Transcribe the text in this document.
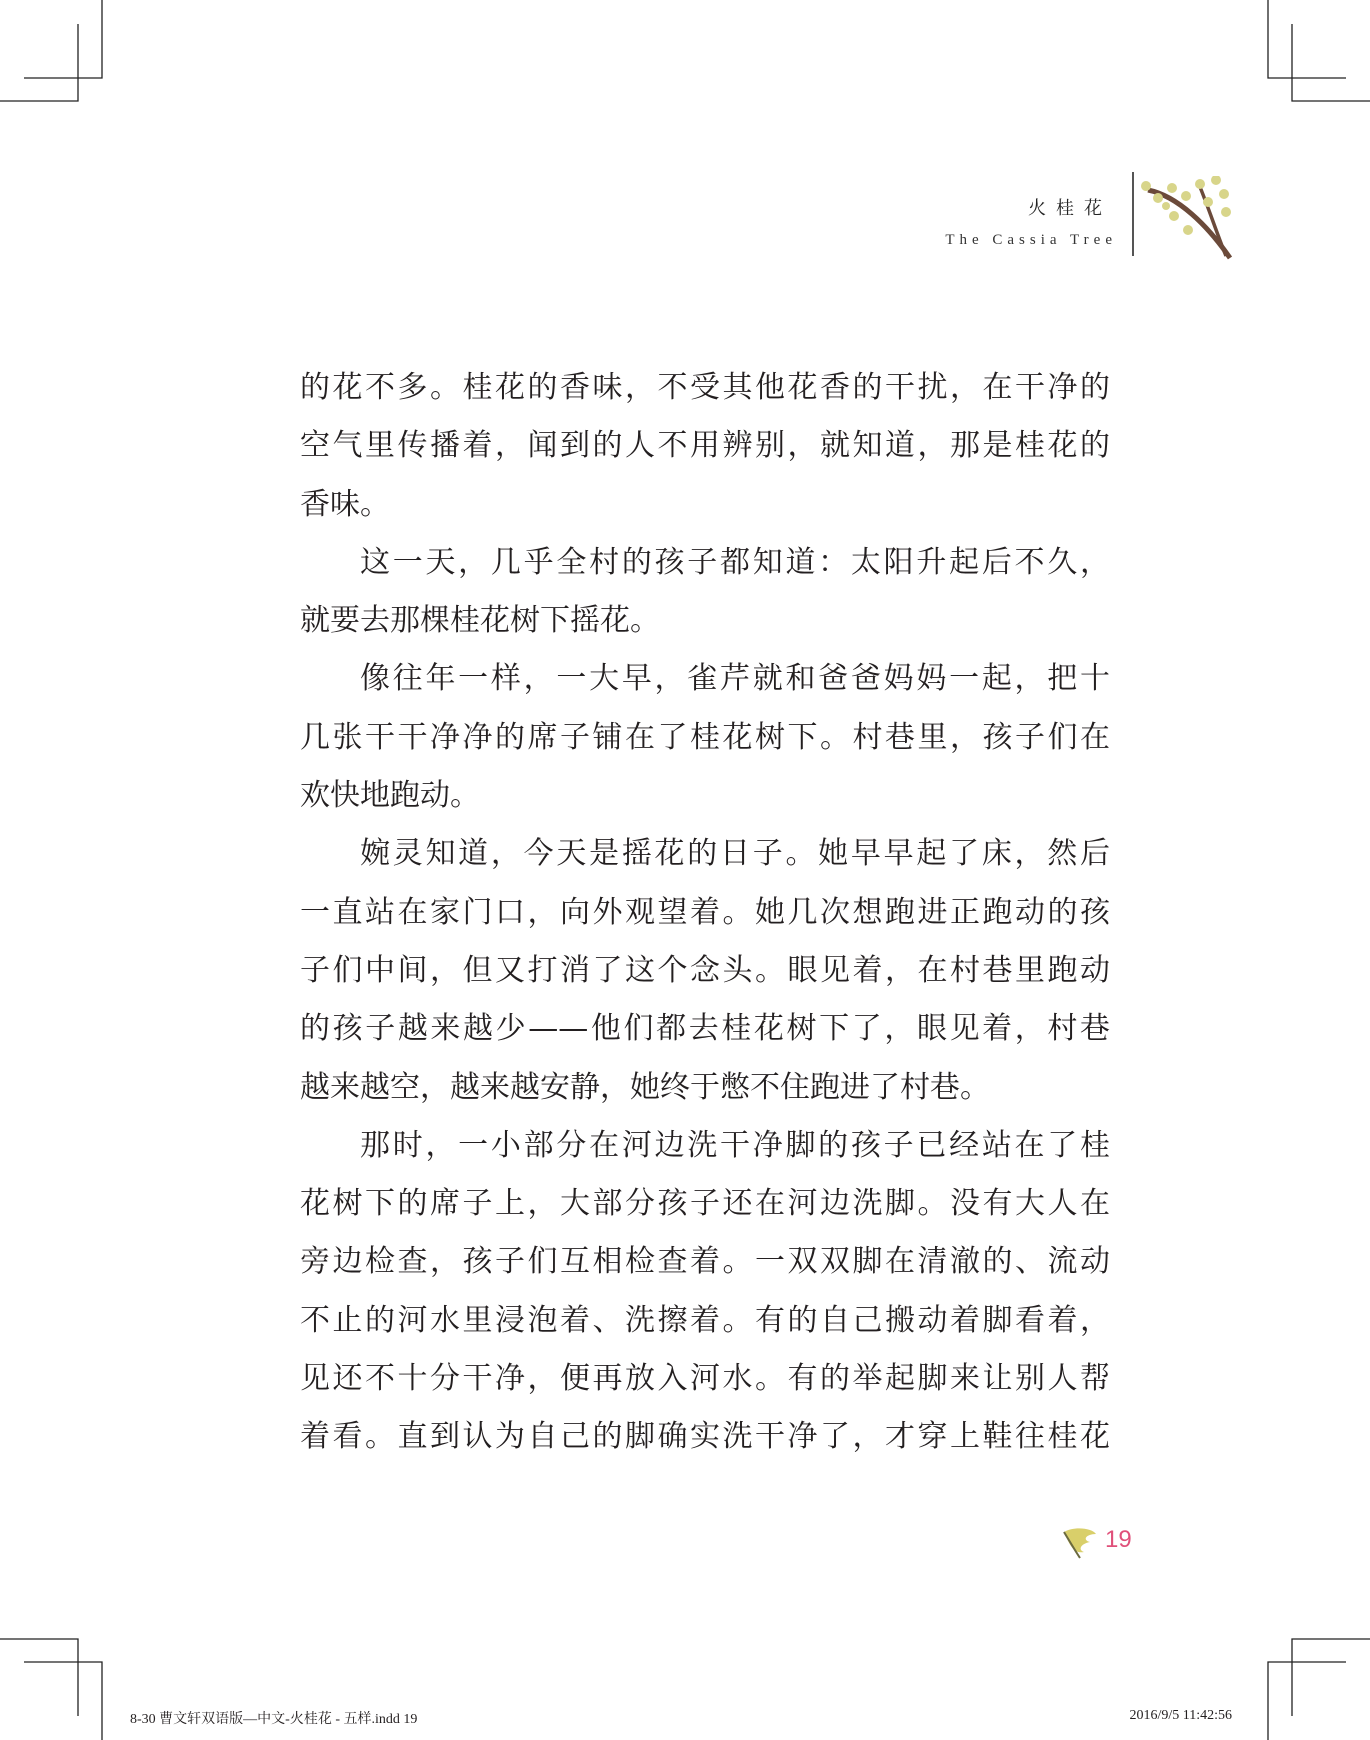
火桂花
The Cassia Tree
的花不多。桂花的香味，不受其他花香的干扰，在干净的
空气里传播着，闻到的人不用辨别，就知道，那是桂花的
香味。
这一天，几乎全村的孩子都知道：太阳升起后不久，
就要去那棵桂花树下摇花。
像往年一样，一大早，雀芹就和爸爸妈妈一起，把十
几张干干净净的席子铺在了桂花树下。村巷里，孩子们在
欢快地跑动。
婉灵知道，今天是摇花的日子。她早早起了床，然后
一直站在家门口，向外观望着。她几次想跑进正跑动的孩
子们中间，但又打消了这个念头。眼见着，在村巷里跑动
的孩子越来越少——他们都去桂花树下了，眼见着，村巷
越来越空，越来越安静，她终于憋不住跑进了村巷。
那时，一小部分在河边洗干净脚的孩子已经站在了桂
花树下的席子上，大部分孩子还在河边洗脚。没有大人在
旁边检查，孩子们互相检查着。一双双脚在清澈的、流动
不止的河水里浸泡着、洗擦着。有的自己搬动着脚看着，
见还不十分干净，便再放入河水。有的举起脚来让别人帮
着看。直到认为自己的脚确实洗干净了，才穿上鞋往桂花
19
8-30 曹文轩双语版—中文-火桂花 - 五样.indd 19	2016/9/5 11:42:56
